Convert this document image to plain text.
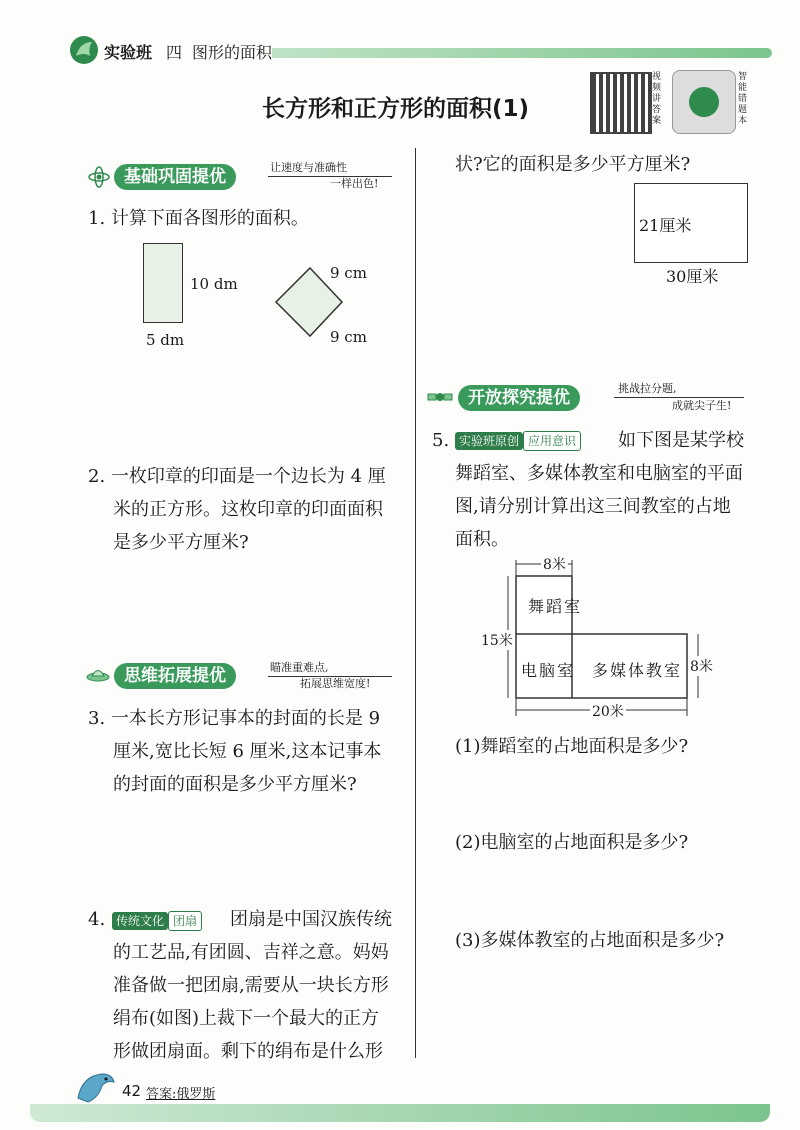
实验班 四 图形的面积
长方形和正方形的面积(1)
视频讲答案
智能错题本
基础巩固提优	让速度与准确性
一样出色!
1. 计算下面各图形的面积。
10 dm
5 dm
9 cm
9 cm
2. 一枚印章的印面是一个边长为 4 厘
米的正方形。这枚印章的印面面积
是多少平方厘米?
思维拓展提优	瞄准重难点,
拓展思维宽度!
3. 一本长方形记事本的封面的长是 9
厘米,宽比长短 6 厘米,这本记事本
的封面的面积是多少平方厘米?
4. 传统文化 团扇 团扇是中国汉族传统
的工艺品,有团圆、吉祥之意。妈妈
准备做一把团扇,需要从一块长方形
绢布(如图)上裁下一个最大的正方
形做团扇面。剩下的绢布是什么形
状?它的面积是多少平方厘米?
21厘米
30厘米
开放探究提优	挑战拉分题,
成就尖子生!
5. 实验班原创 应用意识 如下图是某学校
舞蹈室、多媒体教室和电脑室的平面
图,请分别计算出这三间教室的占地
面积。
8米
15米
8米
20米
舞蹈室
电脑室 多媒体教室
(1)舞蹈室的占地面积是多少?
(2)电脑室的占地面积是多少?
(3)多媒体教室的占地面积是多少?
42 答案:俄罗斯
